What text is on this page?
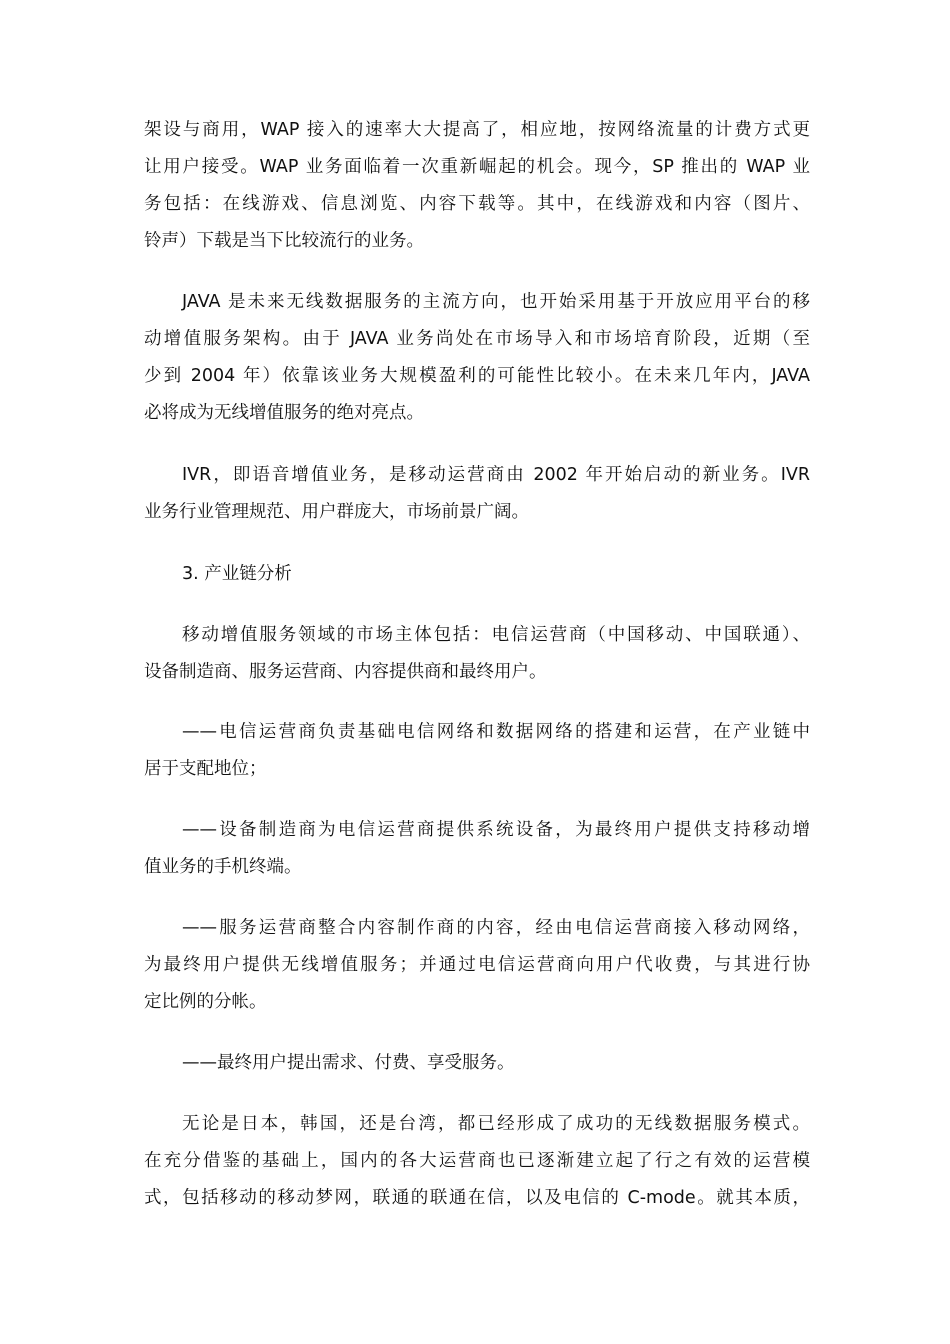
架设与商用，WAP 接入的速率大大提高了，相应地，按网络流量的计费方式更
让用户接受。WAP 业务面临着一次重新崛起的机会。现今，SP 推出的 WAP 业
务包括：在线游戏、信息浏览、内容下载等。其中，在线游戏和内容（图片、
铃声）下载是当下比较流行的业务。

JAVA 是未来无线数据服务的主流方向，也开始采用基于开放应用平台的移
动增值服务架构。由于 JAVA 业务尚处在市场导入和市场培育阶段，近期（至
少到 2004 年）依靠该业务大规模盈利的可能性比较小。在未来几年内，JAVA
必将成为无线增值服务的绝对亮点。

IVR，即语音增值业务，是移动运营商由 2002 年开始启动的新业务。IVR
业务行业管理规范、用户群庞大，市场前景广阔。

3. 产业链分析

移动增值服务领域的市场主体包括：电信运营商（中国移动、中国联通）、
设备制造商、服务运营商、内容提供商和最终用户。

——电信运营商负责基础电信网络和数据网络的搭建和运营，在产业链中
居于支配地位；

——设备制造商为电信运营商提供系统设备，为最终用户提供支持移动增
值业务的手机终端。

——服务运营商整合内容制作商的内容，经由电信运营商接入移动网络，
为最终用户提供无线增值服务；并通过电信运营商向用户代收费，与其进行协
定比例的分帐。

——最终用户提出需求、付费、享受服务。

无论是日本，韩国，还是台湾，都已经形成了成功的无线数据服务模式。
在充分借鉴的基础上，国内的各大运营商也已逐渐建立起了行之有效的运营模
式，包括移动的移动梦网，联通的联通在信，以及电信的 C-mode。就其本质，
